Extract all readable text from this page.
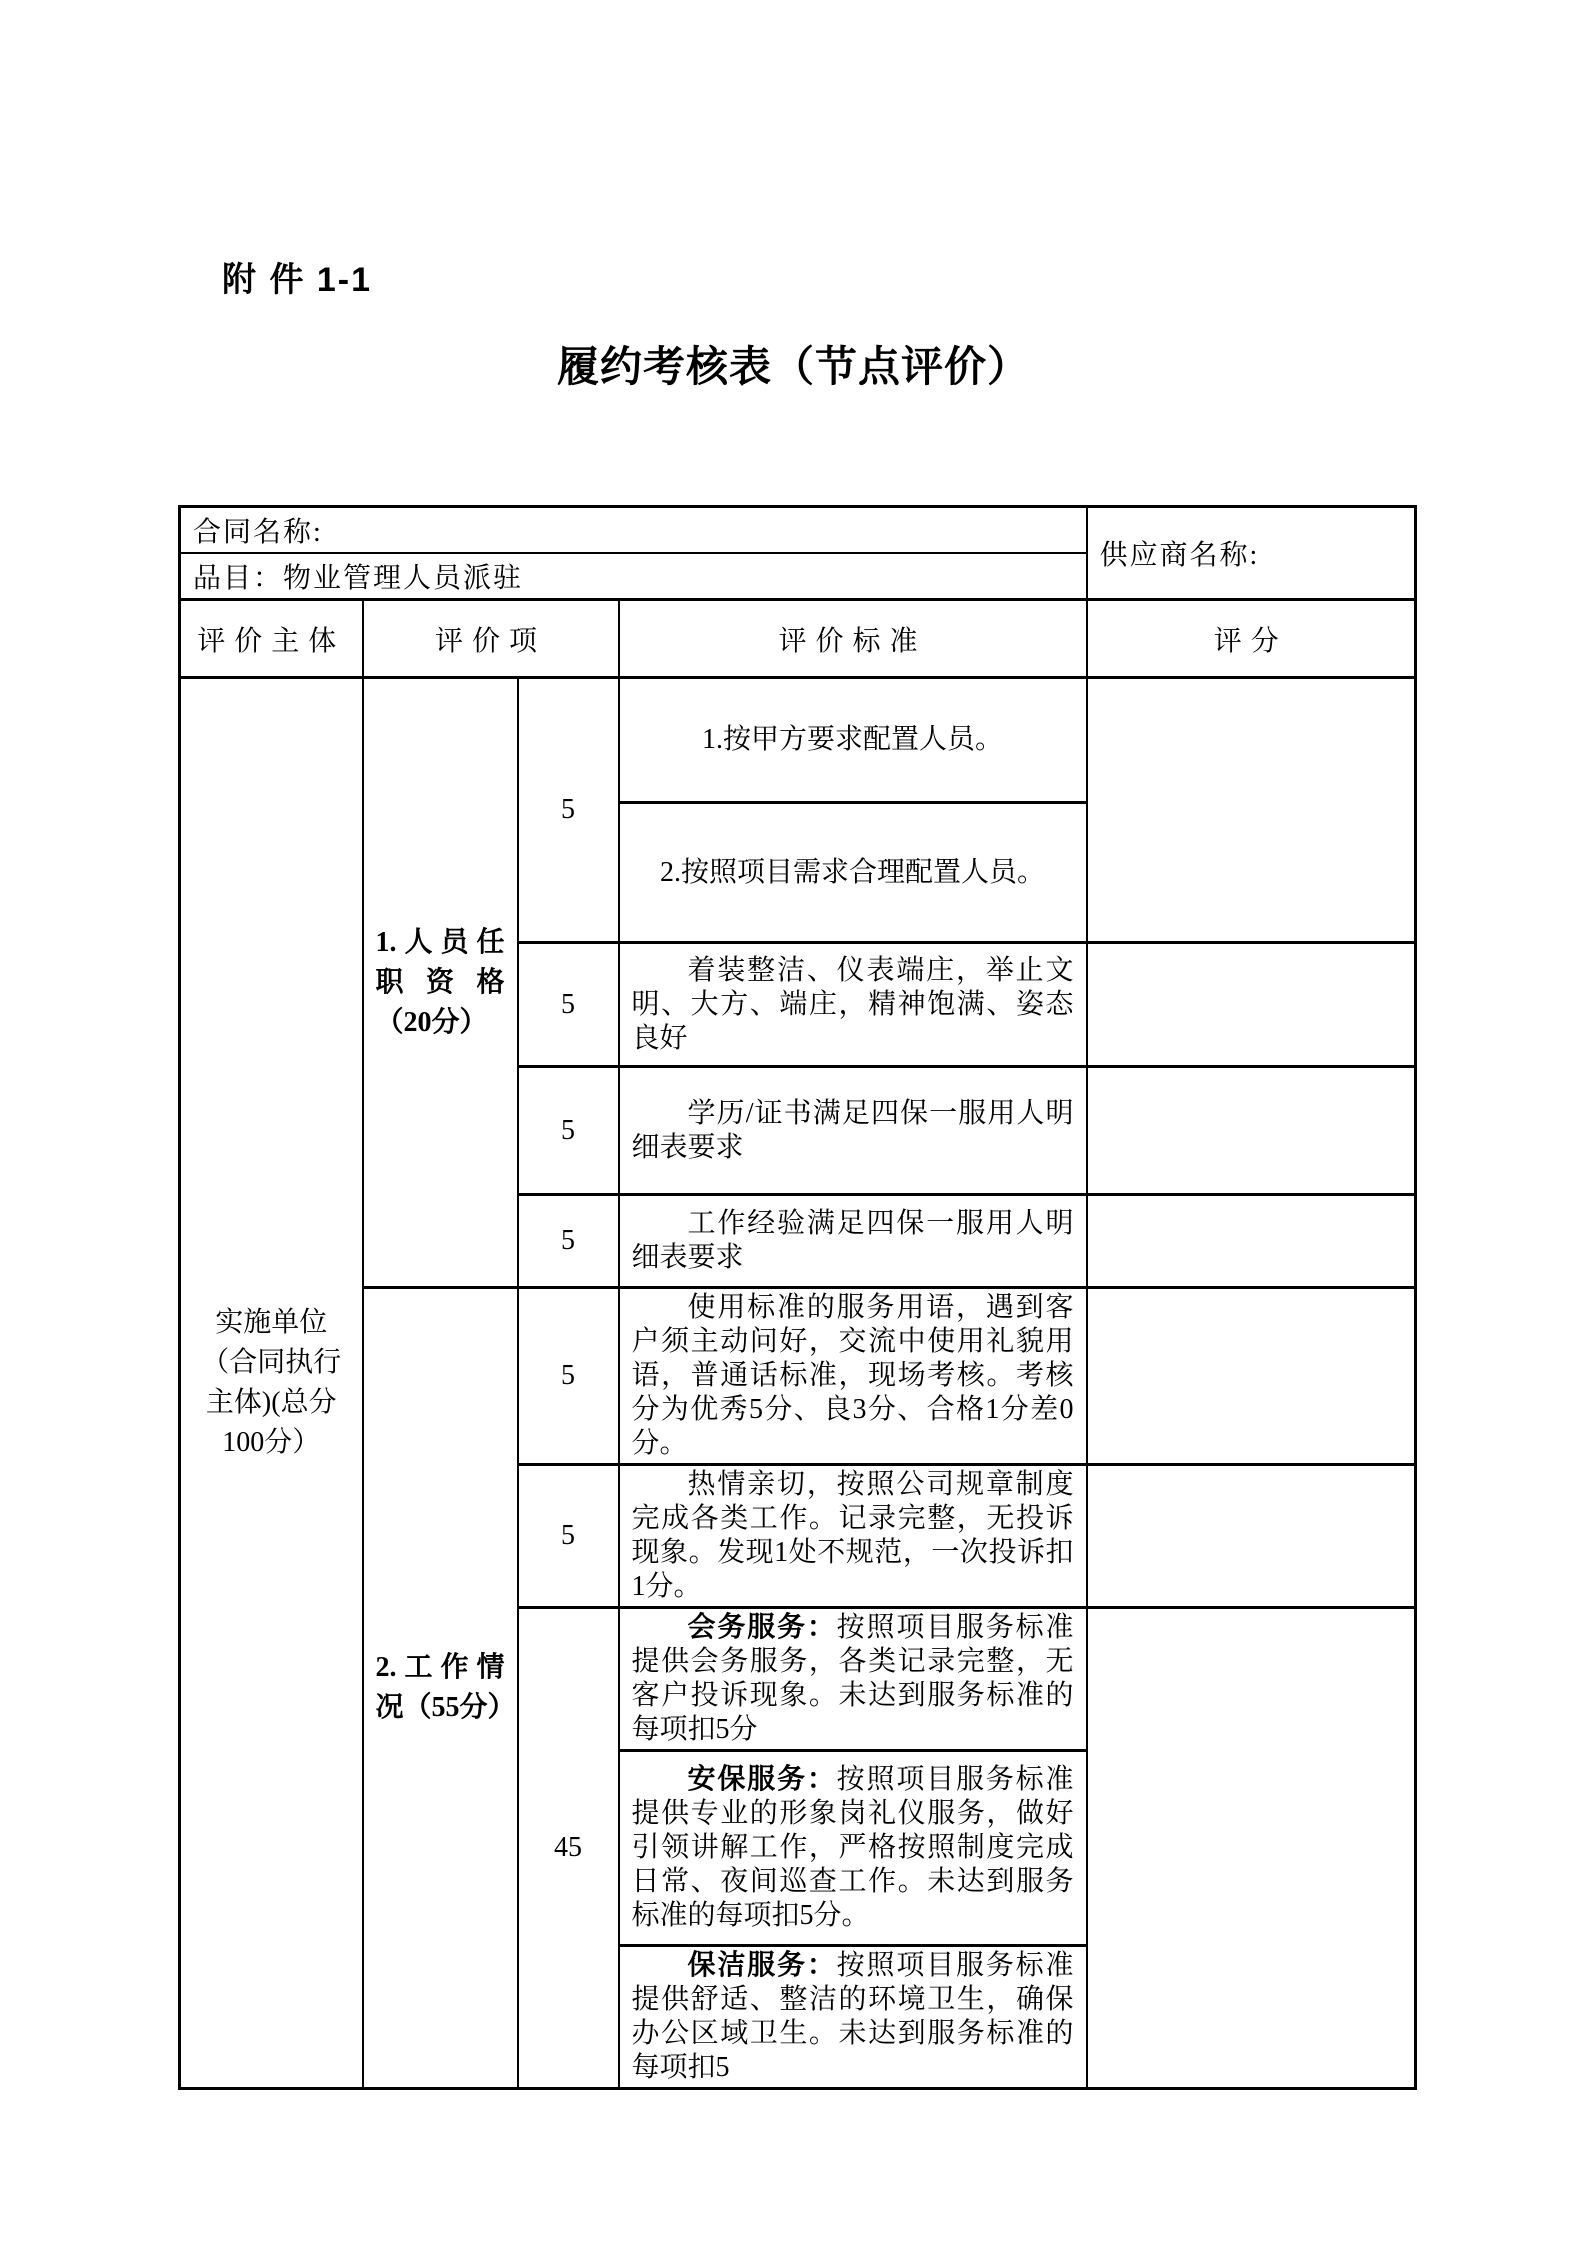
附 件 1-1
履约考核表（节点评价）
合同名称:				供应商名称:
品目：物业管理人员派驻				
评价主体	评价项		评价标准	评分
实施单位（合同执行主体)(总分100分）	1.人员任职资格（20分）	5	1.按甲方要求配置人员。	
			2.按照项目需求合理配置人员。	
		5	着装整洁、仪表端庄，举止文明、大方、端庄，精神饱满、姿态良好	
		5	学历/证书满足四保一服用人明细表要求	
		5	工作经验满足四保一服用人明细表要求	
	2.工作情况（55分）	5	使用标准的服务用语，遇到客户须主动问好，交流中使用礼貌用语，普通话标准，现场考核。考核分为优秀5分、良3分、合格1分差0分。	
		5	热情亲切，按照公司规章制度完成各类工作。记录完整，无投诉现象。发现1处不规范，一次投诉扣1分。	
		45	会务服务：按照项目服务标准提供会务服务，各类记录完整，无客户投诉现象。未达到服务标准的每项扣5分	
			安保服务：按照项目服务标准提供专业的形象岗礼仪服务，做好引领讲解工作，严格按照制度完成日常、夜间巡查工作。未达到服务标准的每项扣5分。	
			保洁服务：按照项目服务标准提供舒适、整洁的环境卫生，确保办公区域卫生。未达到服务标准的每项扣5	
